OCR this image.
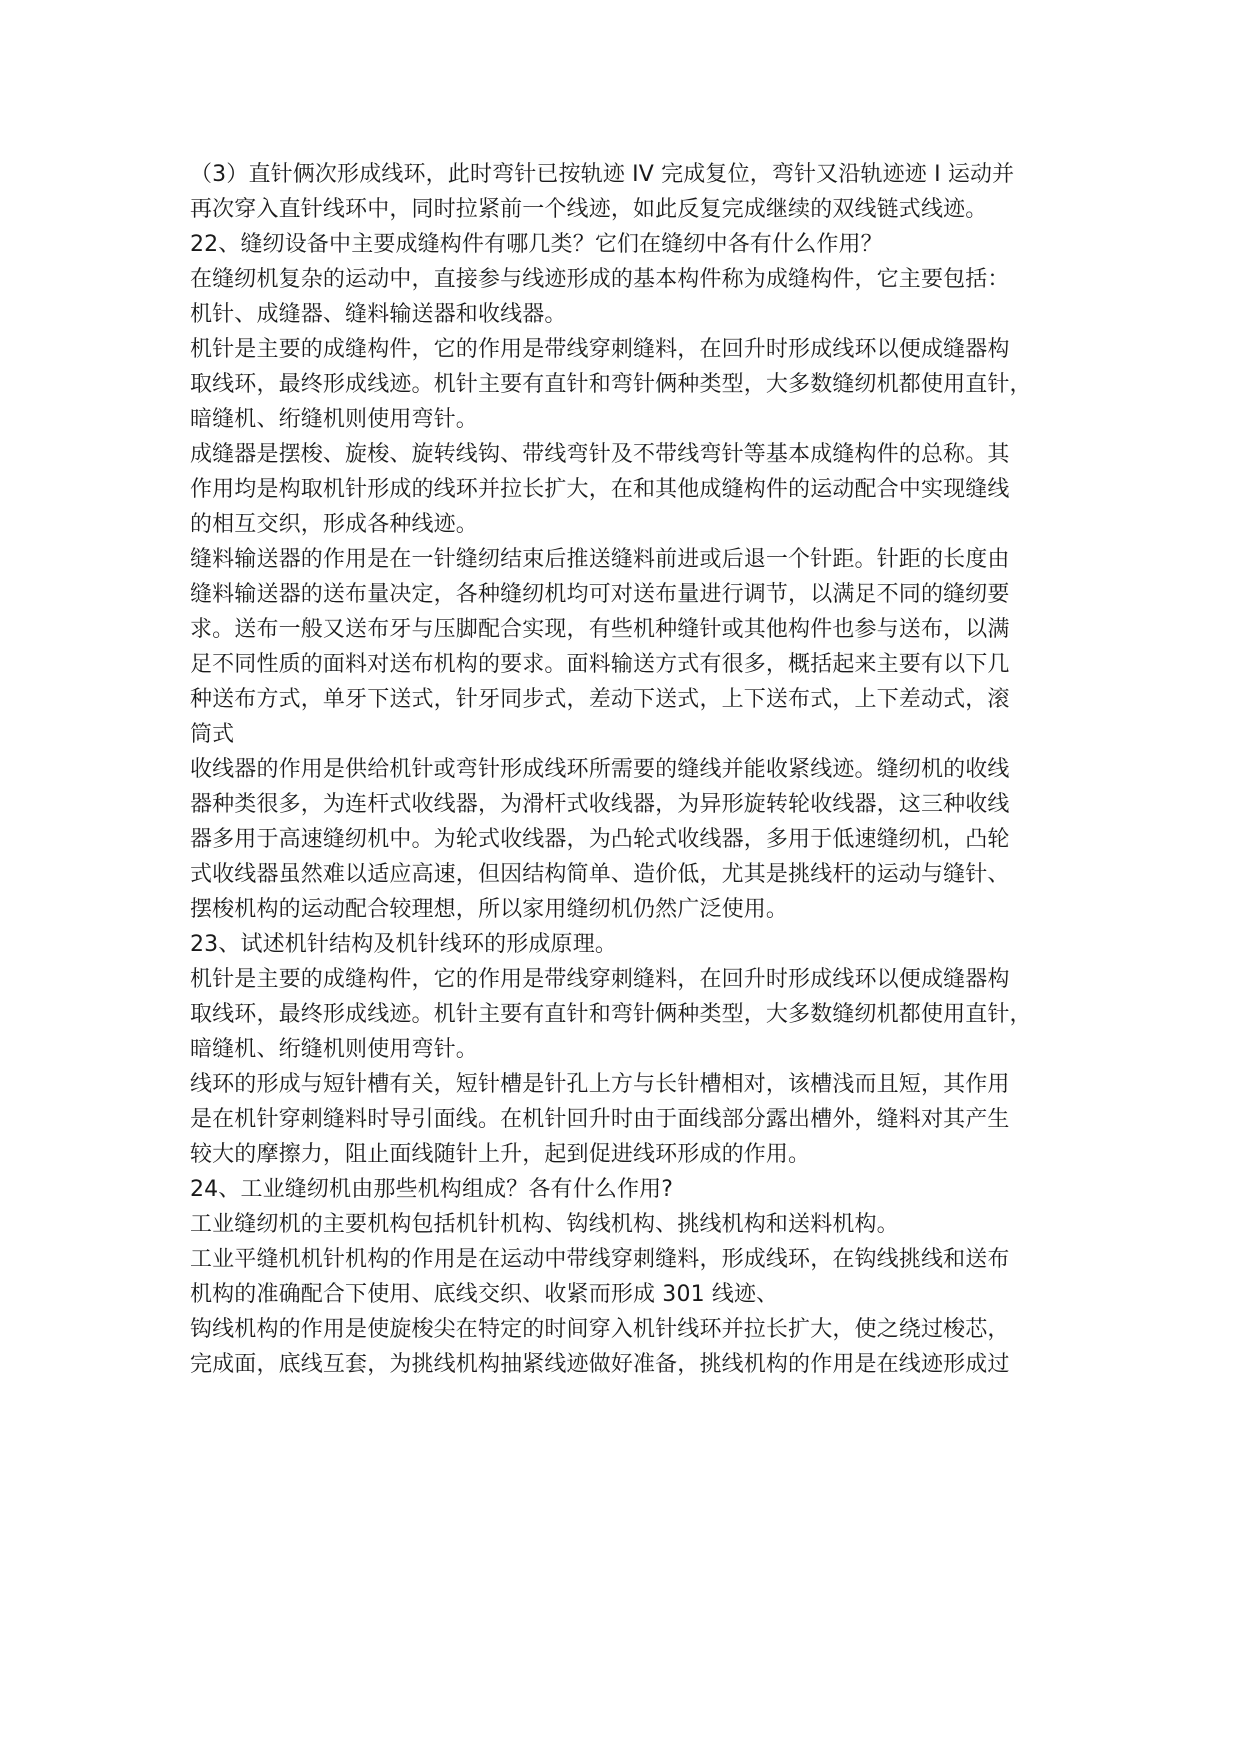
（3）直针俩次形成线环，此时弯针已按轨迹 IV 完成复位，弯针又沿轨迹迹 I 运动并
再次穿入直针线环中，同时拉紧前一个线迹，如此反复完成继续的双线链式线迹。
22、缝纫设备中主要成缝构件有哪几类？它们在缝纫中各有什么作用？
在缝纫机复杂的运动中，直接参与线迹形成的基本构件称为成缝构件，它主要包括：
机针、成缝器、缝料输送器和收线器。
机针是主要的成缝构件，它的作用是带线穿刺缝料，在回升时形成线环以便成缝器构
取线环，最终形成线迹。机针主要有直针和弯针俩种类型，大多数缝纫机都使用直针，
暗缝机、绗缝机则使用弯针。
成缝器是摆梭、旋梭、旋转线钩、带线弯针及不带线弯针等基本成缝构件的总称。其
作用均是构取机针形成的线环并拉长扩大，在和其他成缝构件的运动配合中实现缝线
的相互交织，形成各种线迹。
缝料输送器的作用是在一针缝纫结束后推送缝料前进或后退一个针距。针距的长度由
缝料输送器的送布量决定，各种缝纫机均可对送布量进行调节，以满足不同的缝纫要
求。送布一般又送布牙与压脚配合实现，有些机种缝针或其他构件也参与送布，以满
足不同性质的面料对送布机构的要求。面料输送方式有很多，概括起来主要有以下几
种送布方式，单牙下送式，针牙同步式，差动下送式，上下送布式，上下差动式，滚
筒式
收线器的作用是供给机针或弯针形成线环所需要的缝线并能收紧线迹。缝纫机的收线
器种类很多，为连杆式收线器，为滑杆式收线器，为异形旋转轮收线器，这三种收线
器多用于高速缝纫机中。为轮式收线器，为凸轮式收线器，多用于低速缝纫机，凸轮
式收线器虽然难以适应高速，但因结构简单、造价低，尤其是挑线杆的运动与缝针、
摆梭机构的运动配合较理想，所以家用缝纫机仍然广泛使用。
23、试述机针结构及机针线环的形成原理。
机针是主要的成缝构件，它的作用是带线穿刺缝料，在回升时形成线环以便成缝器构
取线环，最终形成线迹。机针主要有直针和弯针俩种类型，大多数缝纫机都使用直针，
暗缝机、绗缝机则使用弯针。
线环的形成与短针槽有关，短针槽是针孔上方与长针槽相对，该槽浅而且短，其作用
是在机针穿刺缝料时导引面线。在机针回升时由于面线部分露出槽外，缝料对其产生
较大的摩擦力，阻止面线随针上升，起到促进线环形成的作用。
24、工业缝纫机由那些机构组成？各有什么作用?
工业缝纫机的主要机构包括机针机构、钩线机构、挑线机构和送料机构。
工业平缝机机针机构的作用是在运动中带线穿刺缝料，形成线环，在钩线挑线和送布
机构的准确配合下使用、底线交织、收紧而形成 301 线迹、
钩线机构的作用是使旋梭尖在特定的时间穿入机针线环并拉长扩大，使之绕过梭芯，
完成面，底线互套，为挑线机构抽紧线迹做好准备，挑线机构的作用是在线迹形成过
